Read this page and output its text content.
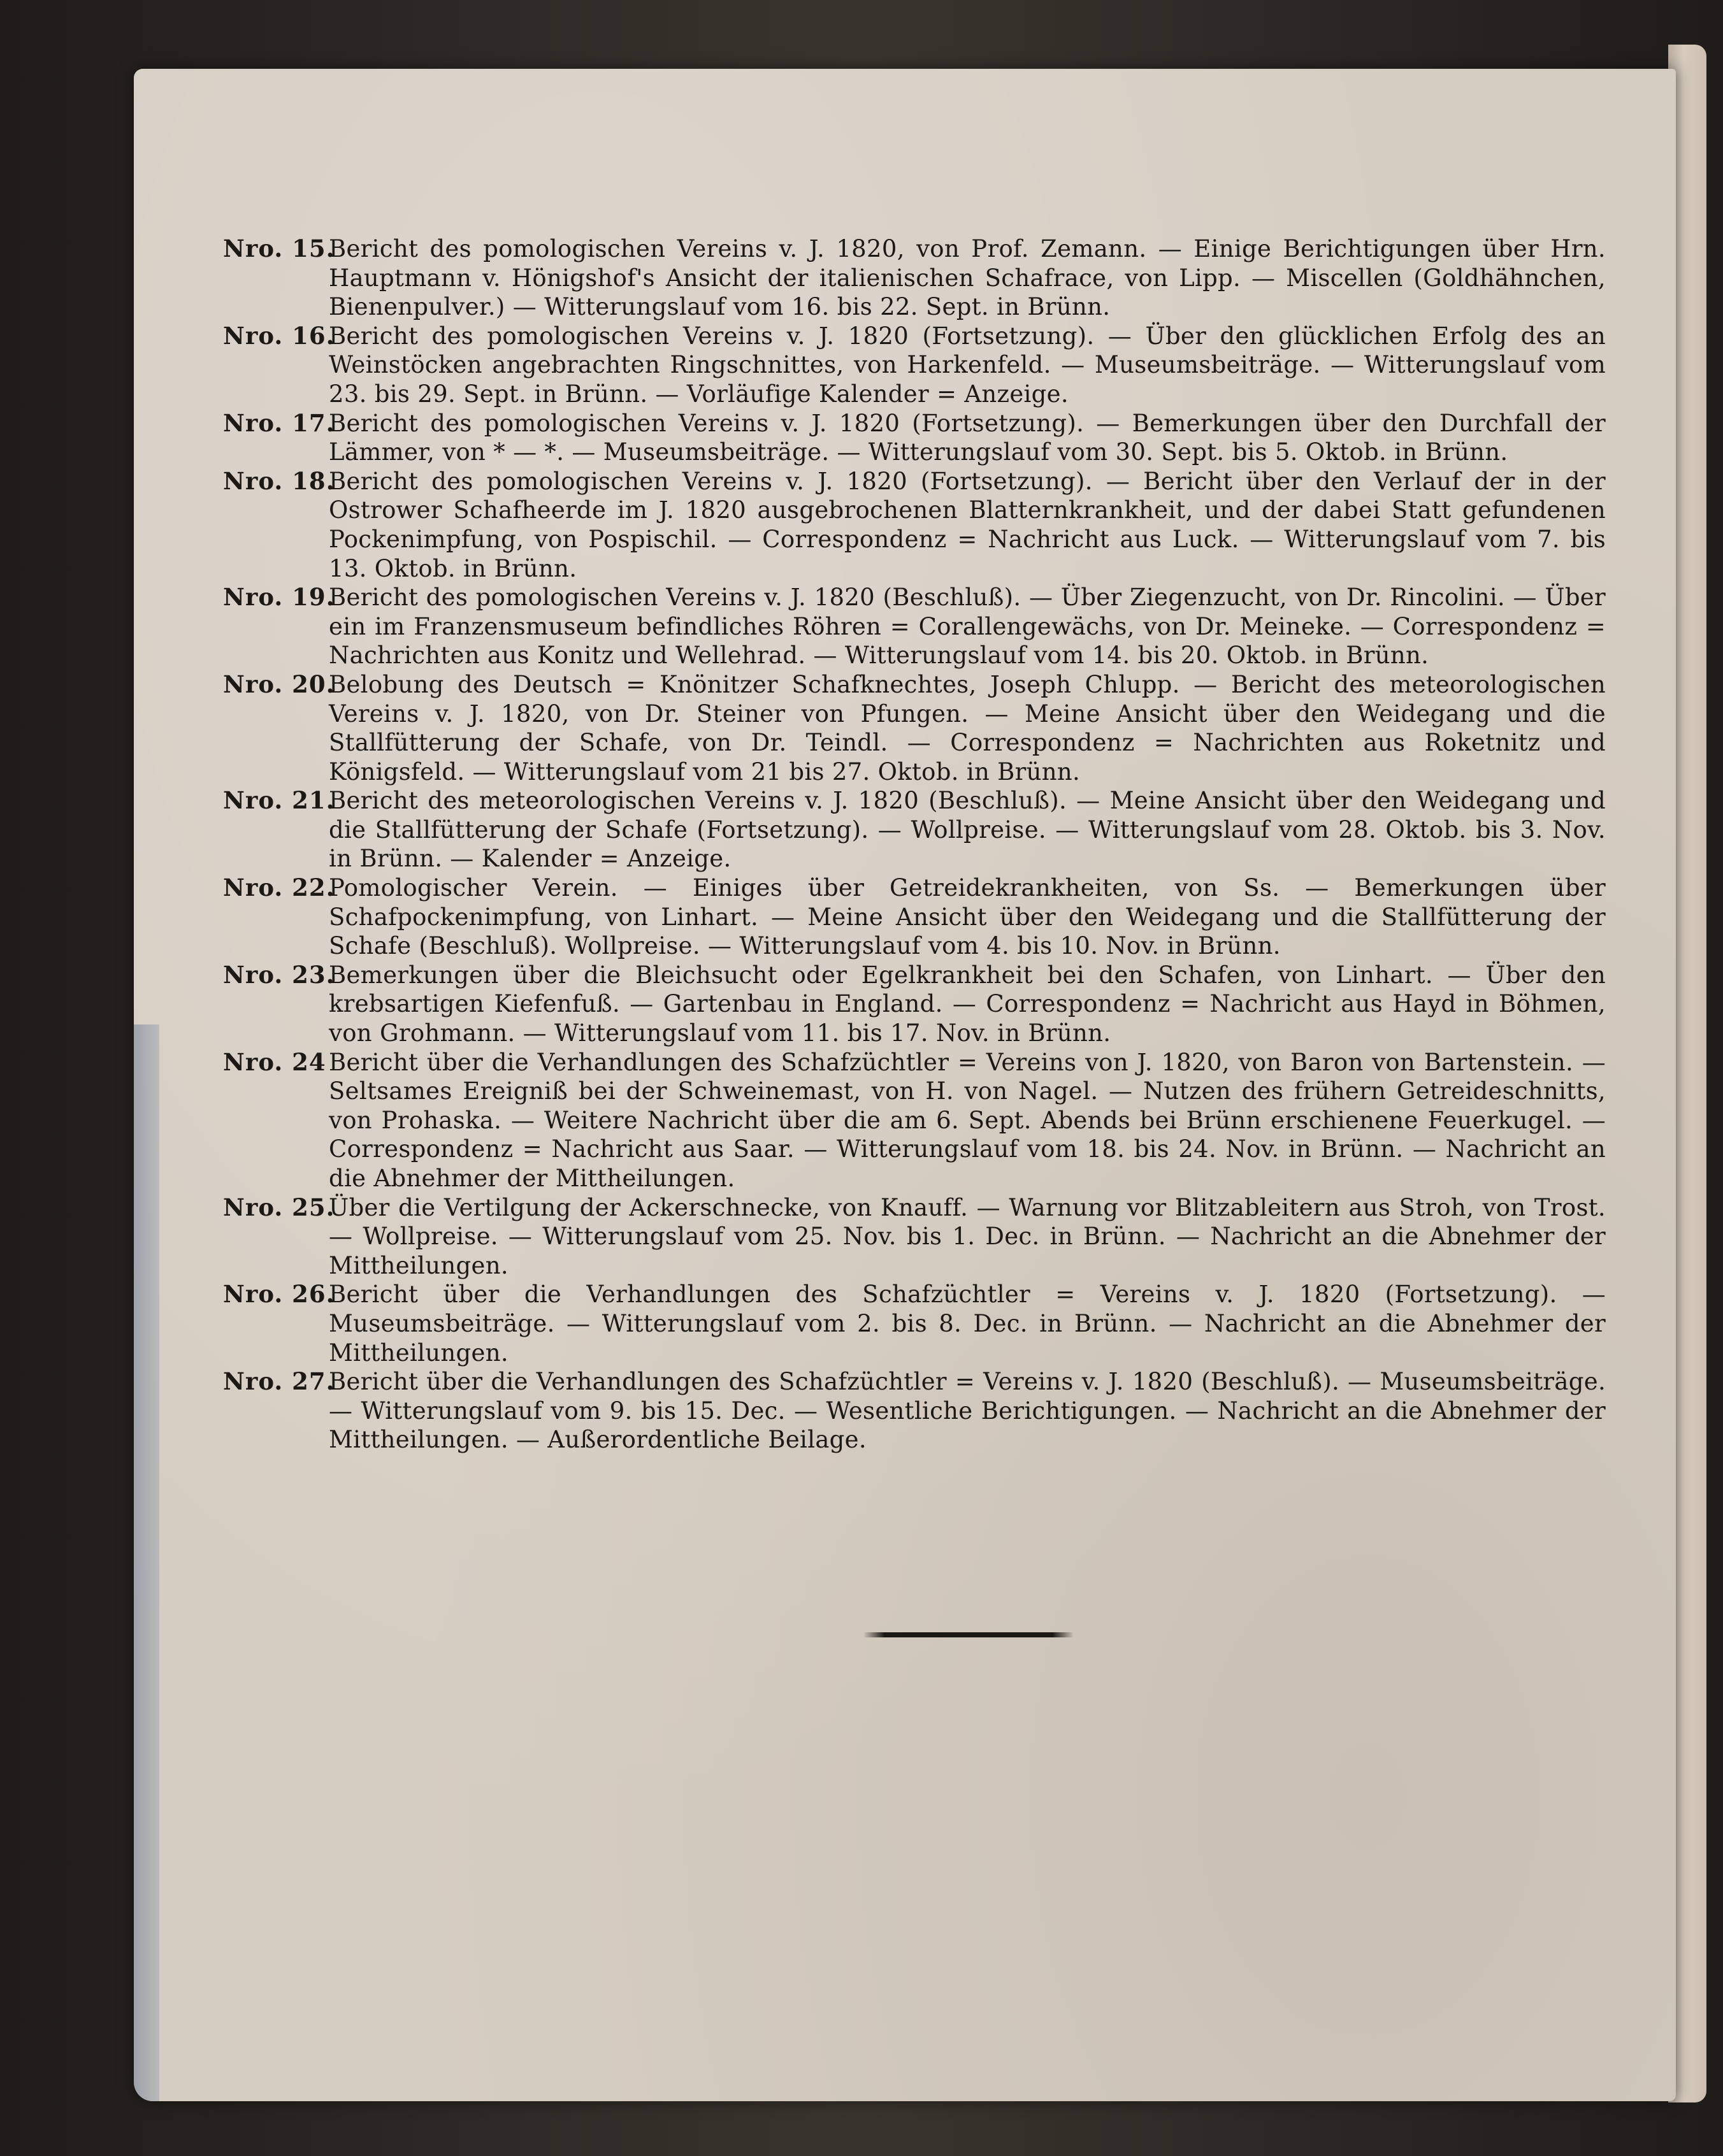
Nro. 15.
Bericht des pomologischen Vereins v. J. 1820, von Prof. Zemann. — Einige Berichtigungen über Hrn. Hauptmann v. Hönigshof's Ansicht der italienischen Schafrace, von Lipp. — Miscellen (Goldhähnchen, Bienenpulver.) — Witterungslauf vom 16. bis 22. Sept. in Brünn.
Nro. 16.
Bericht des pomologischen Vereins v. J. 1820 (Fortsetzung). — Über den glücklichen Erfolg des an Weinstöcken angebrachten Ringschnittes, von Harkenfeld. — Museumsbeiträge. — Witterungslauf vom 23. bis 29. Sept. in Brünn. — Vorläufige Kalender = Anzeige.
Nro. 17.
Bericht des pomologischen Vereins v. J. 1820 (Fortsetzung). — Bemerkungen über den Durchfall der Lämmer, von * — *. — Museumsbeiträge. — Witterungslauf vom 30. Sept. bis 5. Oktob. in Brünn.
Nro. 18.
Bericht des pomologischen Vereins v. J. 1820 (Fortsetzung). — Bericht über den Verlauf der in der Ostrower Schafheerde im J. 1820 ausgebrochenen Blatternkrankheit, und der dabei Statt gefundenen Pockenimpfung, von Pospischil. — Correspondenz = Nachricht aus Luck. — Witterungslauf vom 7. bis 13. Oktob. in Brünn.
Nro. 19.
Bericht des pomologischen Vereins v. J. 1820 (Beschluß). — Über Ziegenzucht, von Dr. Rincolini. — Über ein im Franzensmuseum befindliches Röhren = Corallengewächs, von Dr. Meineke. — Correspondenz = Nachrichten aus Konitz und Wellehrad. — Witterungslauf vom 14. bis 20. Oktob. in Brünn.
Nro. 20.
Belobung des Deutsch = Knönitzer Schafknechtes, Joseph Chlupp. — Bericht des meteorologischen Vereins v. J. 1820, von Dr. Steiner von Pfungen. — Meine Ansicht über den Weidegang und die Stallfütterung der Schafe, von Dr. Teindl. — Correspondenz = Nachrichten aus Roketnitz und Königsfeld. — Witterungslauf vom 21 bis 27. Oktob. in Brünn.
Nro. 21.
Bericht des meteorologischen Vereins v. J. 1820 (Beschluß). — Meine Ansicht über den Weidegang und die Stallfütterung der Schafe (Fortsetzung). — Wollpreise. — Witterungslauf vom 28. Oktob. bis 3. Nov. in Brünn. — Kalender = Anzeige.
Nro. 22.
Pomologischer Verein. — Einiges über Getreidekrankheiten, von Ss. — Bemerkungen über Schafpockenimpfung, von Linhart. — Meine Ansicht über den Weidegang und die Stallfütterung der Schafe (Beschluß). Wollpreise. — Witterungslauf vom 4. bis 10. Nov. in Brünn.
Nro. 23.
Bemerkungen über die Bleichsucht oder Egelkrankheit bei den Schafen, von Linhart. — Über den krebsartigen Kiefenfuß. — Gartenbau in England. — Correspondenz = Nachricht aus Hayd in Böhmen, von Grohmann. — Witterungslauf vom 11. bis 17. Nov. in Brünn.
Nro. 24 Bericht über die Verhandlungen des Schafzüchtler = Vereins von J. 1820, von Baron von Bartenstein. — Seltsames Ereigniß bei der Schweinemast, von H. von Nagel. — Nutzen des frühern Getreideschnitts, von Prohaska. — Weitere Nachricht über die am 6. Sept. Abends bei Brünn erschienene Feuerkugel. — Correspondenz = Nachricht aus Saar. — Witterungslauf vom 18. bis 24. Nov. in Brünn. — Nachricht an die Abnehmer der Mittheilungen.
Nro. 25.
Über die Vertilgung der Ackerschnecke, von Knauff. — Warnung vor Blitzableitern aus Stroh, von Trost. — Wollpreise. — Witterungslauf vom 25. Nov. bis 1. Dec. in Brünn. — Nachricht an die Abnehmer der Mittheilungen.
Nro. 26.
Bericht über die Verhandlungen des Schafzüchtler = Vereins v. J. 1820 (Fortsetzung). — Museumsbeiträge. — Witterungslauf vom 2. bis 8. Dec. in Brünn. — Nachricht an die Abnehmer der Mittheilungen.
Nro. 27.
Bericht über die Verhandlungen des Schafzüchtler = Vereins v. J. 1820 (Beschluß). — Museumsbeiträge. — Witterungslauf vom 9. bis 15. Dec. — Wesentliche Berichtigungen. — Nachricht an die Abnehmer der Mittheilungen. — Außerordentliche Beilage.
